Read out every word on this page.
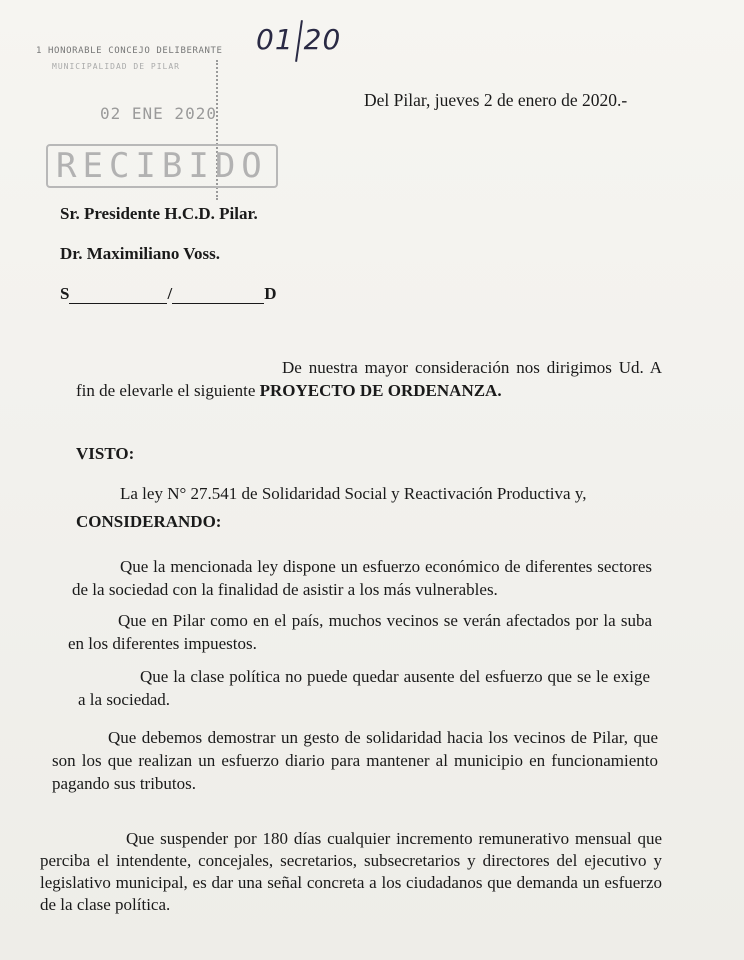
1 HONORABLE CONCEJO DELIBERANTE
MUNICIPALIDAD DE PILAR
02 ENE 2020
RECIBIDO
01 20
Del Pilar, jueves 2 de enero de 2020.-
Sr. Presidente H.C.D. Pilar.
Dr. Maximiliano Voss.
S	/	D
De nuestra mayor consideración nos dirigimos Ud. A fin de elevarle el siguiente PROYECTO DE ORDENANZA.
VISTO:
La ley N° 27.541 de Solidaridad Social y Reactivación Productiva y,
CONSIDERANDO:
Que la mencionada ley dispone un esfuerzo económico de diferentes sectores de la sociedad con la finalidad de asistir a los más vulnerables.
Que en Pilar como en el país, muchos vecinos se verán afectados por la suba en los diferentes impuestos.
Que la clase política no puede quedar ausente del esfuerzo que se le exige a la sociedad.
Que debemos demostrar un gesto de solidaridad hacia los vecinos de Pilar, que son los que realizan un esfuerzo diario para mantener al municipio en funcionamiento pagando sus tributos.
Que suspender por 180 días cualquier incremento remunerativo mensual que perciba el intendente, concejales, secretarios, subsecretarios y directores del ejecutivo y legislativo municipal, es dar una señal concreta a los ciudadanos que demanda un esfuerzo de la clase política.
